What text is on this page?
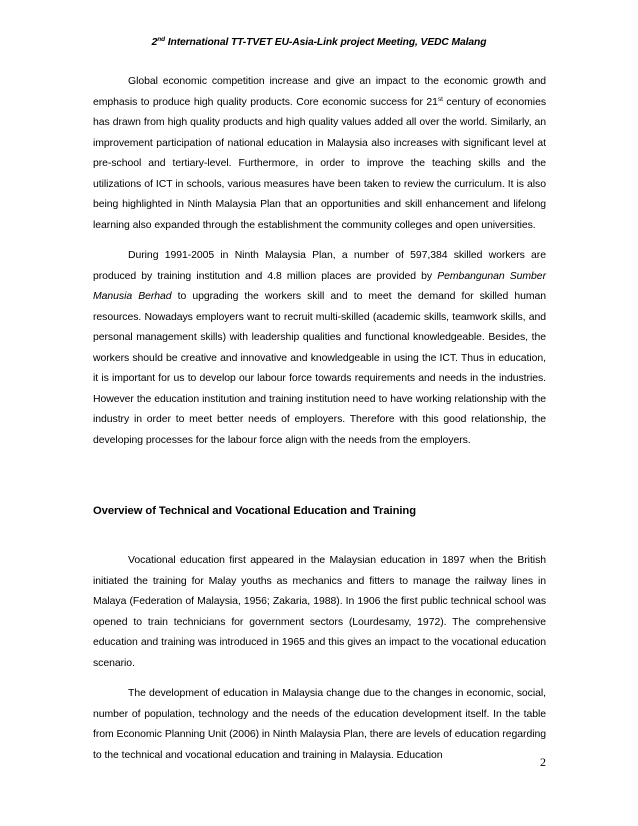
2nd International TT-TVET EU-Asia-Link project Meeting, VEDC Malang

Global economic competition increase and give an impact to the economic growth and emphasis to produce high quality products. Core economic success for 21st century of economies has drawn from high quality products and high quality values added all over the world. Similarly, an improvement participation of national education in Malaysia also increases with significant level at pre-school and tertiary-level. Furthermore, in order to improve the teaching skills and the utilizations of ICT in schools, various measures have been taken to review the curriculum. It is also being highlighted in Ninth Malaysia Plan that an opportunities and skill enhancement and lifelong learning also expanded through the establishment the community colleges and open universities.

During 1991-2005 in Ninth Malaysia Plan, a number of 597,384 skilled workers are produced by training institution and 4.8 million places are provided by Pembangunan Sumber Manusia Berhad to upgrading the workers skill and to meet the demand for skilled human resources. Nowadays employers want to recruit multi-skilled (academic skills, teamwork skills, and personal management skills) with leadership qualities and functional knowledgeable. Besides, the workers should be creative and innovative and knowledgeable in using the ICT. Thus in education, it is important for us to develop our labour force towards requirements and needs in the industries. However the education institution and training institution need to have working relationship with the industry in order to meet better needs of employers. Therefore with this good relationship, the developing processes for the labour force align with the needs from the employers.

Overview of Technical and Vocational Education and Training

Vocational education first appeared in the Malaysian education in 1897 when the British initiated the training for Malay youths as mechanics and fitters to manage the railway lines in Malaya (Federation of Malaysia, 1956; Zakaria, 1988). In 1906 the first public technical school was opened to train technicians for government sectors (Lourdesamy, 1972). The comprehensive education and training was introduced in 1965 and this gives an impact to the vocational education scenario.

The development of education in Malaysia change due to the changes in economic, social, number of population, technology and the needs of the education development itself. In the table from Economic Planning Unit (2006) in Ninth Malaysia Plan, there are levels of education regarding to the technical and vocational education and training in Malaysia. Education	2
